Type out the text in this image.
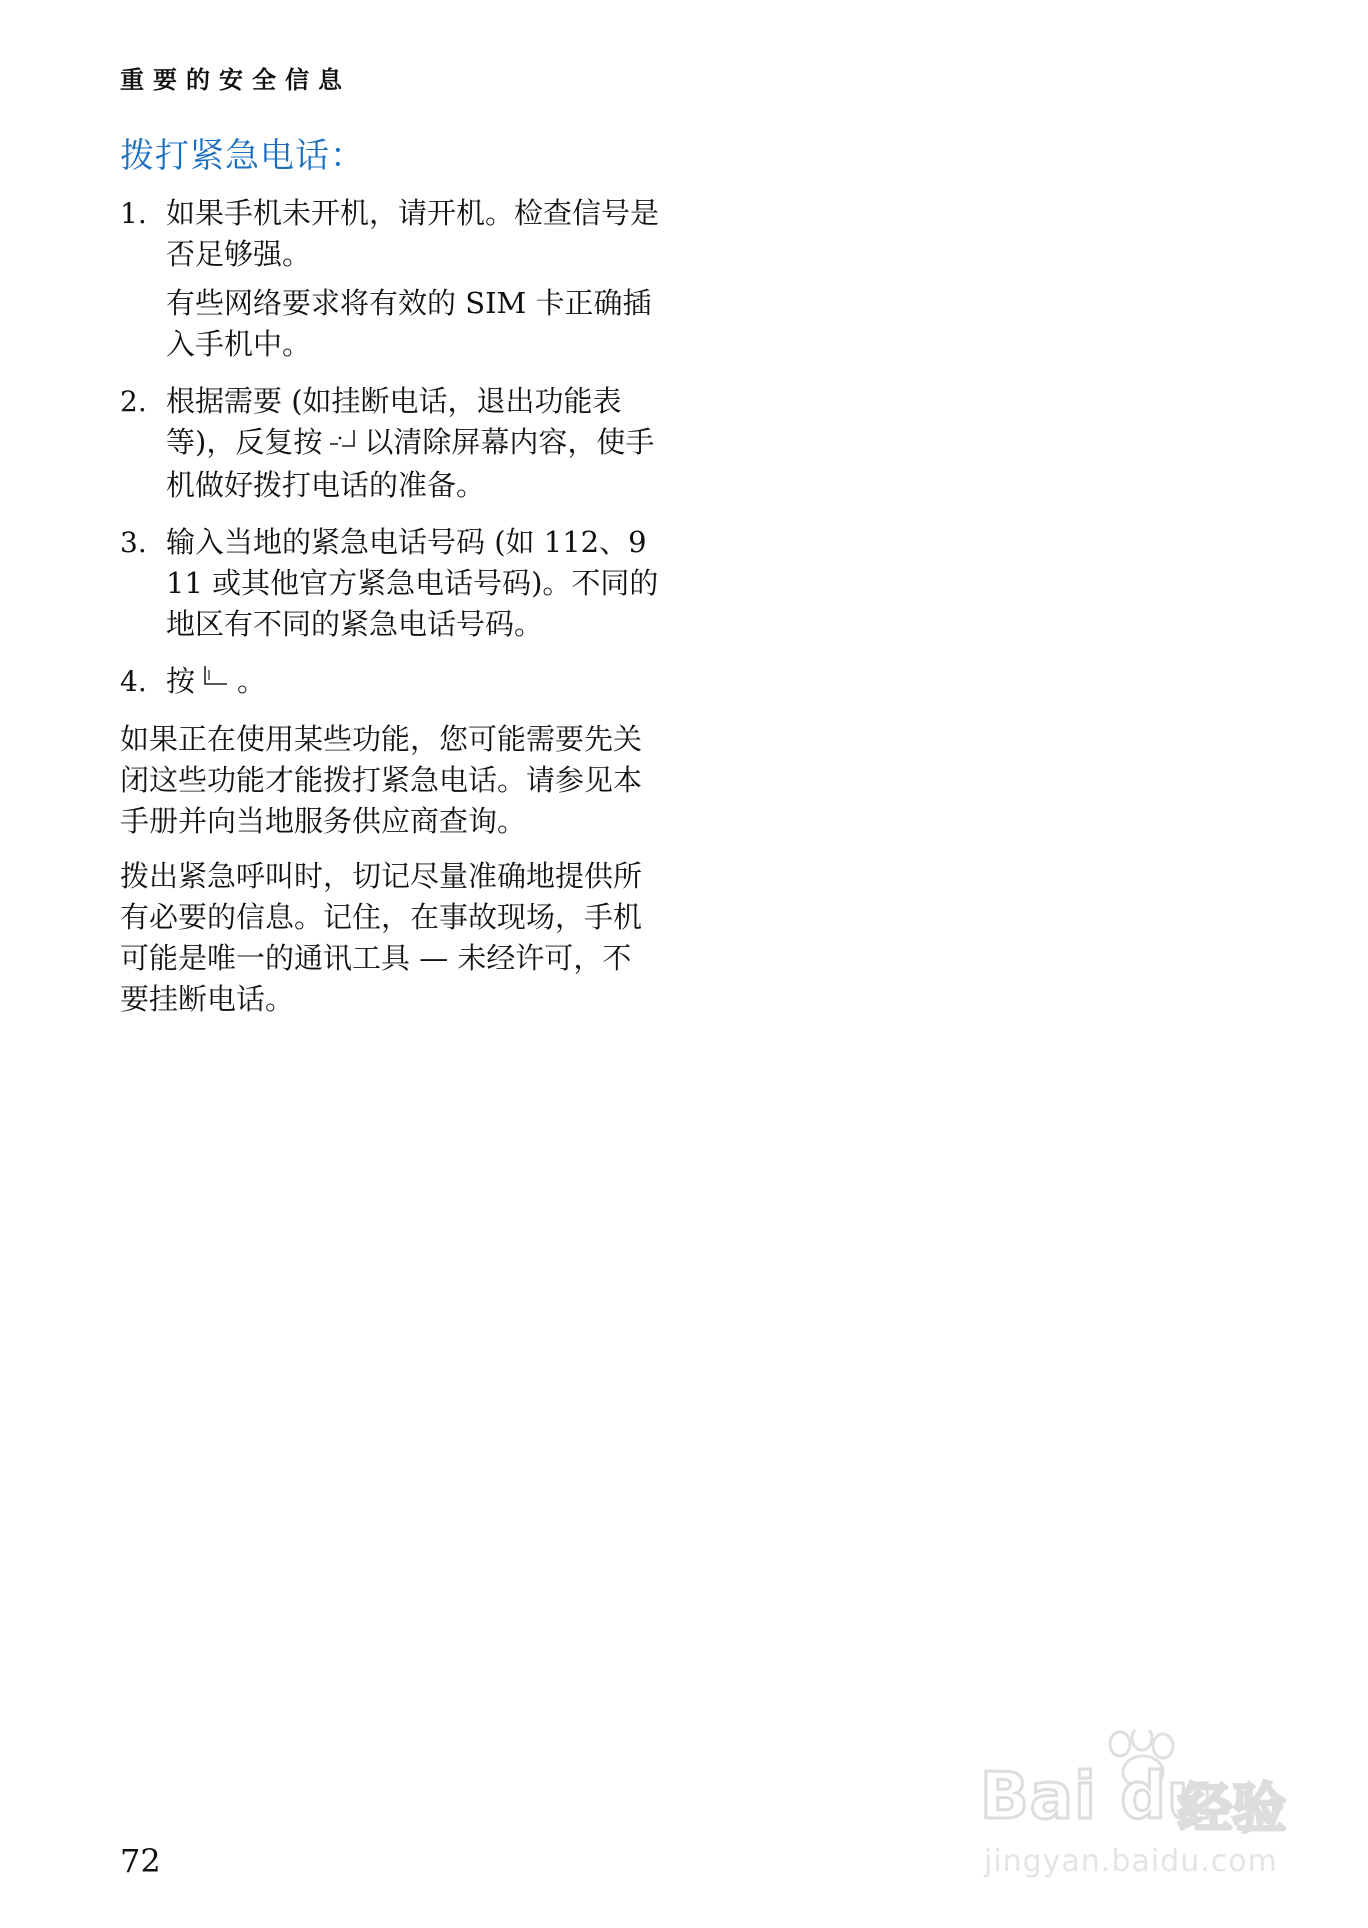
重要的安全信息
拨打紧急电话：
1. 如果手机未开机，请开机。检查信号是否足够强。

有些网络要求将有效的 SIM 卡正确插入手机中。

2. 根据需要 (如挂断电话，退出功能表等)，反复按 以清除屏幕内容，使手机做好拨打电话的准备。

3. 输入当地的紧急电话号码 (如 112、911 或其他官方紧急电话号码)。不同的地区有不同的紧急电话号码。

4. 按 。

如果正在使用某些功能，您可能需要先关闭这些功能才能拨打紧急电话。请参见本手册并向当地服务供应商查询。

拨出紧急呼叫时，切记尽量准确地提供所有必要的信息。记住，在事故现场，手机可能是唯一的通讯工具 — 未经许可，不要挂断电话。

72
Bai du
经验
jingyan.baidu.com
